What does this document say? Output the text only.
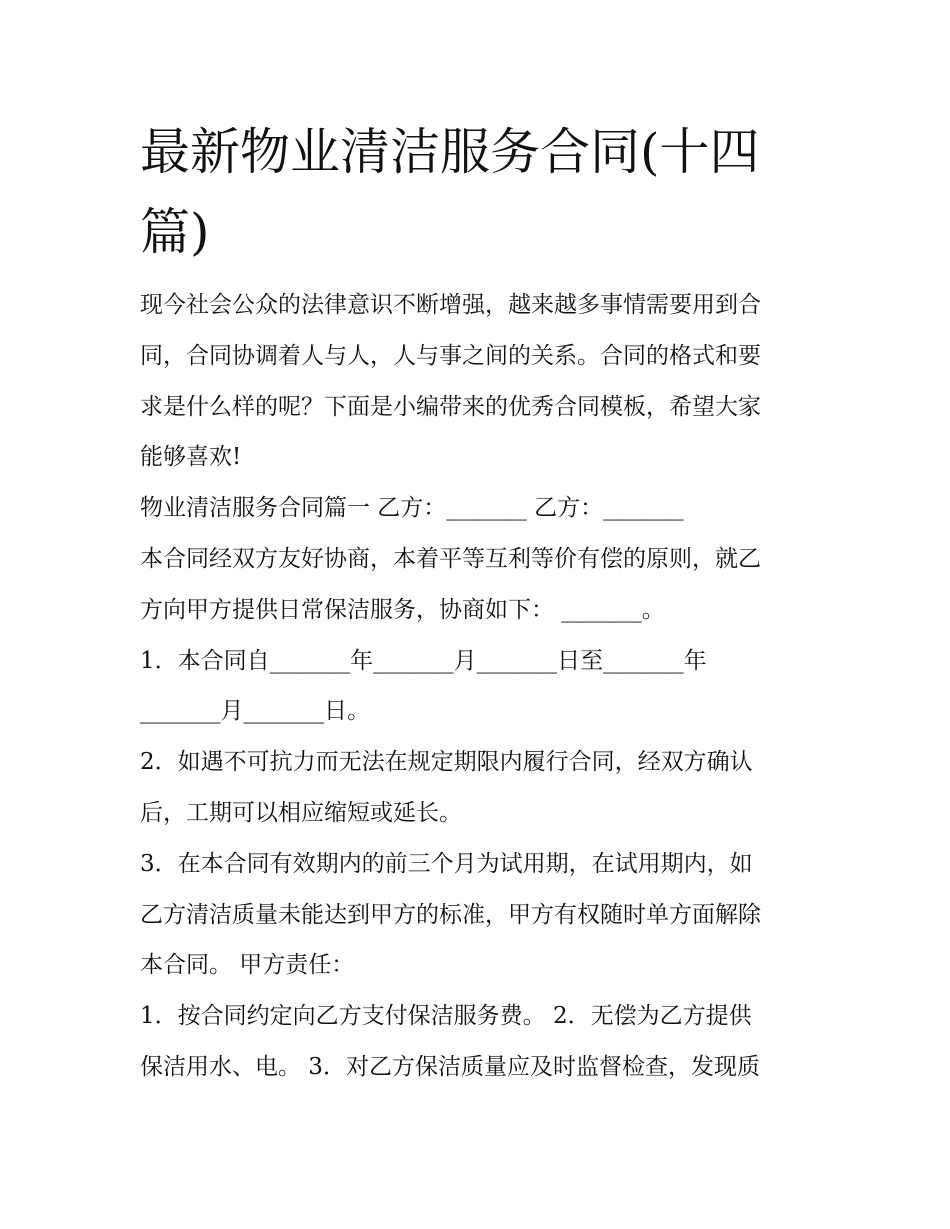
最新物业清洁服务合同(十四
篇)
现今社会公众的法律意识不断增强，越来越多事情需要用到合
同，合同协调着人与人，人与事之间的关系。合同的格式和要
求是什么样的呢？下面是小编带来的优秀合同模板，希望大家
能够喜欢!
物业清洁服务合同篇一 乙方：_______ 乙方：_______
本合同经双方友好协商，本着平等互利等价有偿的原则，就乙
方向甲方提供日常保洁服务，协商如下： _______。
1．本合同自_______年_______月_______日至_______年
_______月_______日。
2．如遇不可抗力而无法在规定期限内履行合同，经双方确认
后，工期可以相应缩短或延长。
3．在本合同有效期内的前三个月为试用期，在试用期内，如
乙方清洁质量未能达到甲方的标准，甲方有权随时单方面解除
本合同。 甲方责任：
1．按合同约定向乙方支付保洁服务费。 2．无偿为乙方提供
保洁用水、电。 3．对乙方保洁质量应及时监督检查，发现质
